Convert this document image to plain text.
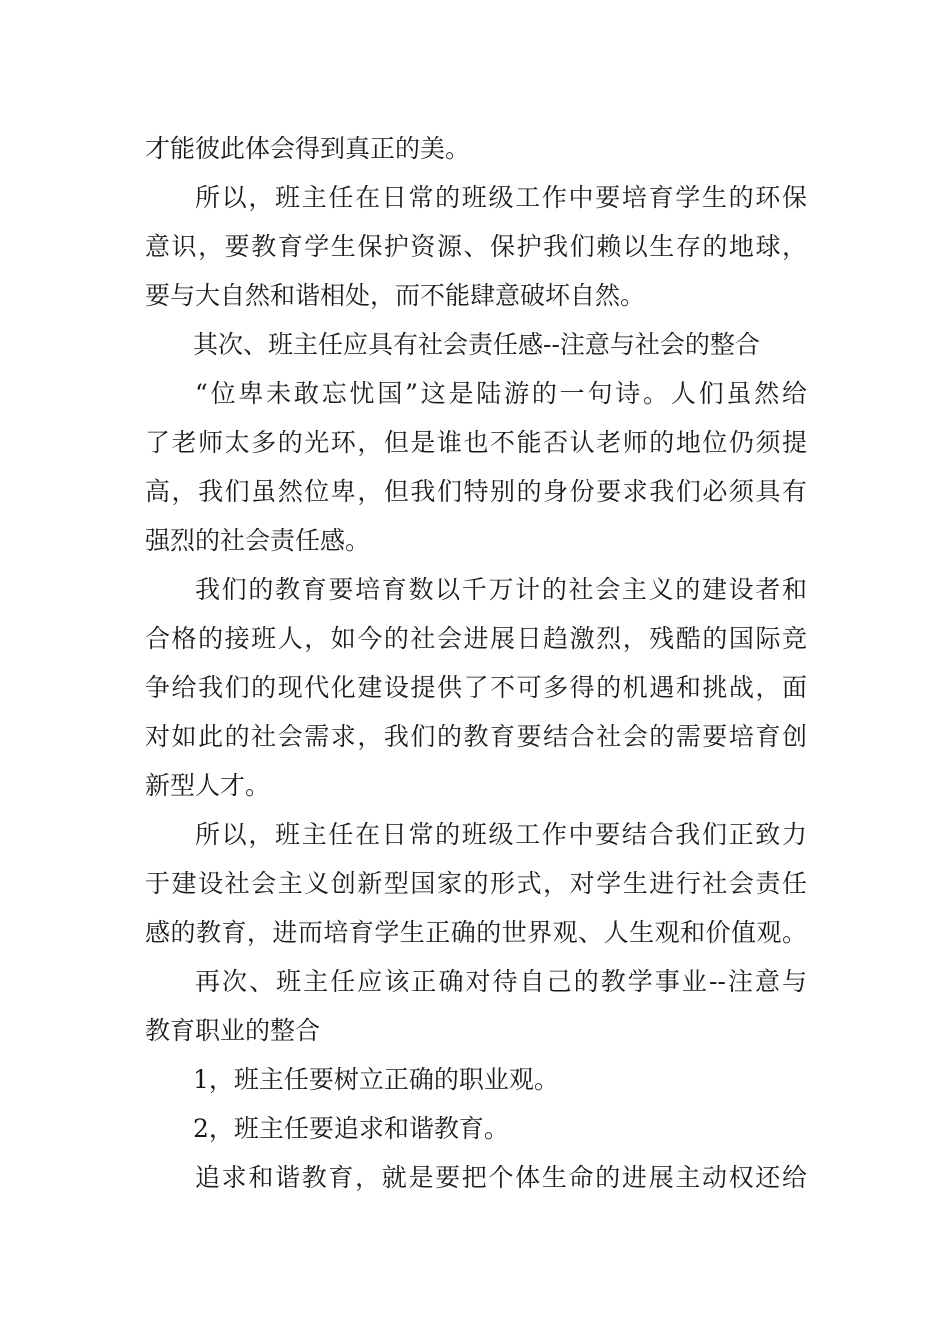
才能彼此体会得到真正的美。
所以，班主任在日常的班级工作中要培育学生的环保
意识，要教育学生保护资源、保护我们赖以生存的地球，
要与大自然和谐相处，而不能肆意破坏自然。
其次、班主任应具有社会责任感--注意与社会的整合
“位卑未敢忘忧国”这是陆游的一句诗。人们虽然给
了老师太多的光环，但是谁也不能否认老师的地位仍须提
高，我们虽然位卑，但我们特别的身份要求我们必须具有
强烈的社会责任感。
我们的教育要培育数以千万计的社会主义的建设者和
合格的接班人，如今的社会进展日趋激烈，残酷的国际竞
争给我们的现代化建设提供了不可多得的机遇和挑战，面
对如此的社会需求，我们的教育要结合社会的需要培育创
新型人才。
所以，班主任在日常的班级工作中要结合我们正致力
于建设社会主义创新型国家的形式，对学生进行社会责任
感的教育，进而培育学生正确的世界观、人生观和价值观。
再次、班主任应该正确对待自己的教学事业--注意与
教育职业的整合
1，班主任要树立正确的职业观。
2，班主任要追求和谐教育。
追求和谐教育，就是要把个体生命的进展主动权还给
